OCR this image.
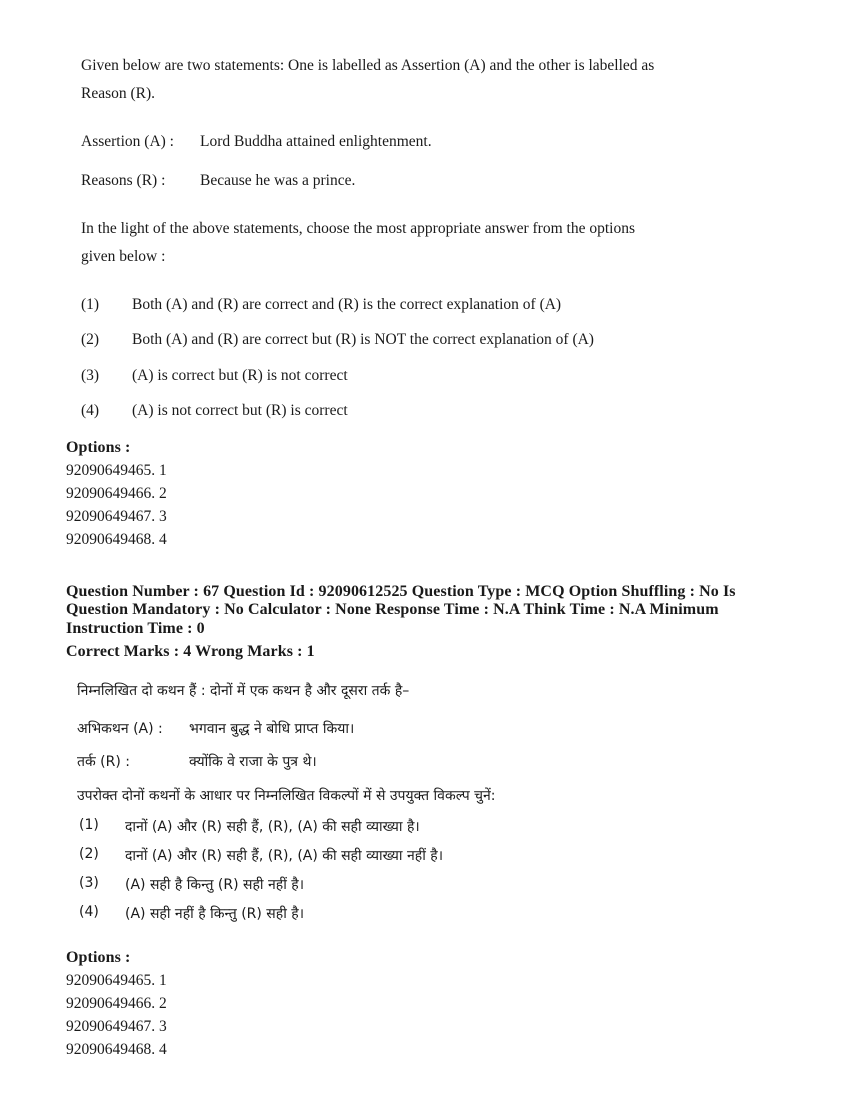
Given below are two statements: One is labelled as Assertion (A) and the other is labelled as
Reason (R).
Assertion (A) : Lord Buddha attained enlightenment.
Reasons (R) : Because he was a prince.
In the light of the above statements, choose the most appropriate answer from the options
given below :
(1) Both (A) and (R) are correct and (R) is the correct explanation of (A)
(2) Both (A) and (R) are correct but (R) is NOT the correct explanation of (A)
(3) (A) is correct but (R) is not correct
(4) (A) is not correct but (R) is correct
Options :
92090649465. 1
92090649466. 2
92090649467. 3
92090649468. 4
Question Number : 67 Question Id : 92090612525 Question Type : MCQ Option Shuffling : No Is
Question Mandatory : No Calculator : None Response Time : N.A Think Time : N.A Minimum
Instruction Time : 0
Correct Marks : 4 Wrong Marks : 1
निम्नलिखित दो कथन हैं : दोनों में एक कथन है और दूसरा तर्क है–
अभिकथन (A) : भगवान बुद्ध ने बोधि प्राप्त किया।
तर्क (R) :	क्योंकि वे राजा के पुत्र थे।
उपरोक्त दोनों कथनों के आधार पर निम्नलिखित विकल्पों में से उपयुक्त विकल्प चुनें:
(1) दानों (A) और (R) सही हैं, (R), (A) की सही व्याख्या है।
(2) दानों (A) और (R) सही हैं, (R), (A) की सही व्याख्या नहीं है।
(3) (A) सही है किन्तु (R) सही नहीं है।
(4) (A) सही नहीं है किन्तु (R) सही है।
Options :
92090649465. 1
92090649466. 2
92090649467. 3
92090649468. 4
